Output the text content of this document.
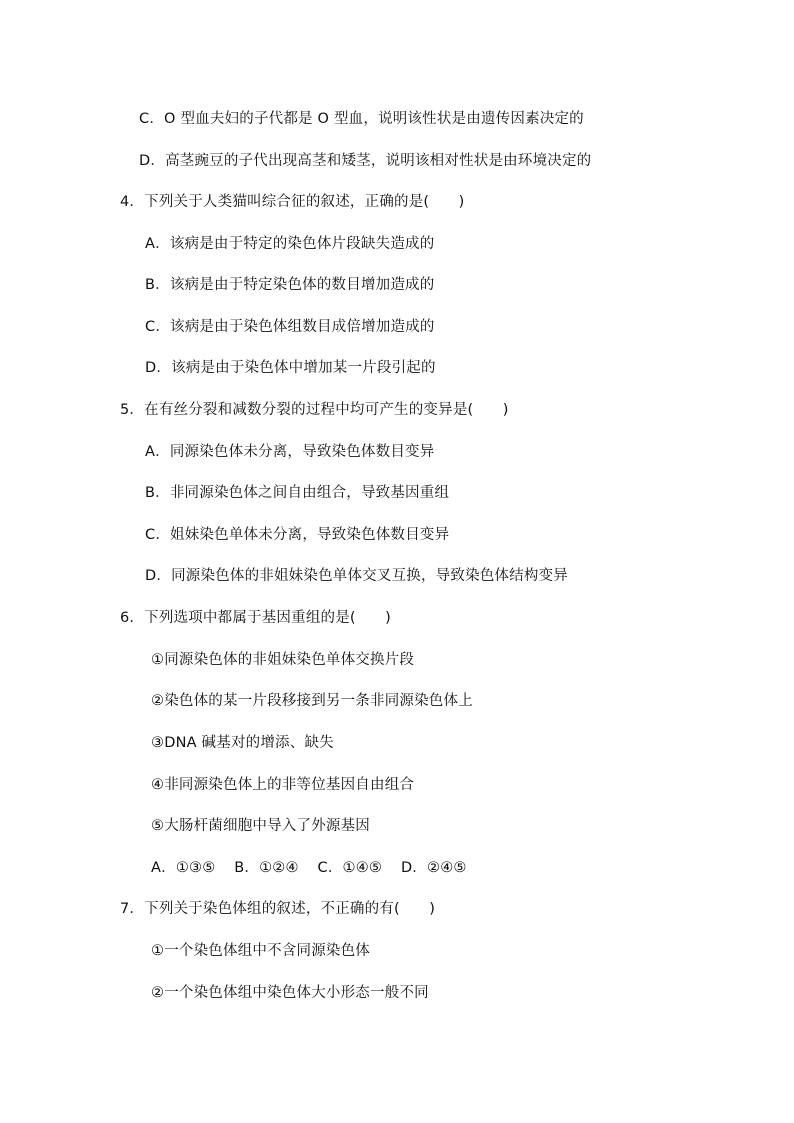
C．O 型血夫妇的子代都是 O 型血，说明该性状是由遗传因素决定的
D．高茎豌豆的子代出现高茎和矮茎，说明该相对性状是由环境决定的
4．下列关于人类猫叫综合征的叙述，正确的是(　　)
A．该病是由于特定的染色体片段缺失造成的
B．该病是由于特定染色体的数目增加造成的
C．该病是由于染色体组数目成倍增加造成的
D．该病是由于染色体中增加某一片段引起的
5．在有丝分裂和减数分裂的过程中均可产生的变异是(　　)
A．同源染色体未分离，导致染色体数目变异
B．非同源染色体之间自由组合，导致基因重组
C．姐妹染色单体未分离，导致染色体数目变异
D．同源染色体的非姐妹染色单体交叉互换，导致染色体结构变异
6．下列选项中都属于基因重组的是(　　)
①同源染色体的非姐妹染色单体交换片段
②染色体的某一片段移接到另一条非同源染色体上
③DNA 碱基对的增添、缺失
④非同源染色体上的非等位基因自由组合
⑤大肠杆菌细胞中导入了外源基因
A．①③⑤ B．①②④ C．①④⑤ D．②④⑤
7．下列关于染色体组的叙述，不正确的有(　　)
①一个染色体组中不含同源染色体
②一个染色体组中染色体大小形态一般不同
